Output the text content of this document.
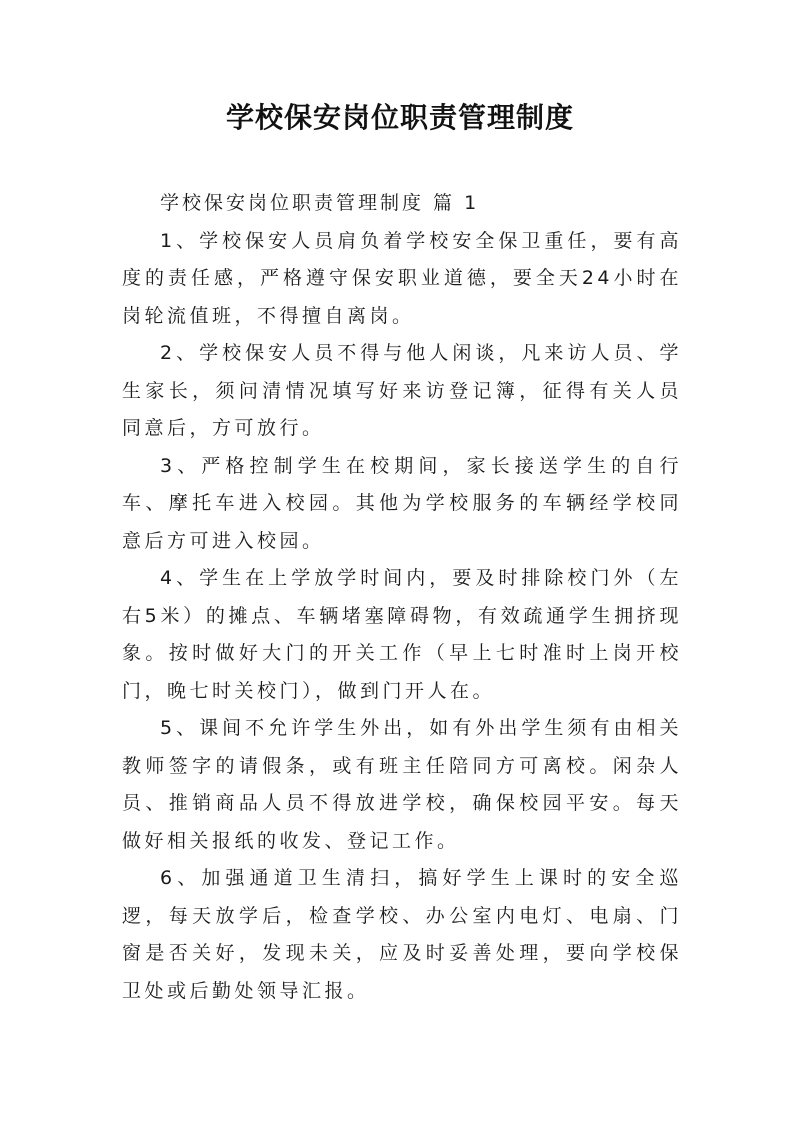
学校保安岗位职责管理制度

学校保安岗位职责管理制度 篇 1

1、学校保安人员肩负着学校安全保卫重任，要有高度的责任感，严格遵守保安职业道德，要全天24小时在岗轮流值班，不得擅自离岗。

2、学校保安人员不得与他人闲谈，凡来访人员、学生家长，须问清情况填写好来访登记簿，征得有关人员同意后，方可放行。

3、严格控制学生在校期间，家长接送学生的自行车、摩托车进入校园。其他为学校服务的车辆经学校同意后方可进入校园。

4、学生在上学放学时间内，要及时排除校门外（左右5米）的摊点、车辆堵塞障碍物，有效疏通学生拥挤现象。按时做好大门的开关工作（早上七时准时上岗开校门，晚七时关校门），做到门开人在。

5、课间不允许学生外出，如有外出学生须有由相关教师签字的请假条，或有班主任陪同方可离校。闲杂人员、推销商品人员不得放进学校，确保校园平安。每天做好相关报纸的收发、登记工作。

6、加强通道卫生清扫，搞好学生上课时的安全巡逻，每天放学后，检查学校、办公室内电灯、电扇、门窗是否关好，发现未关，应及时妥善处理，要向学校保卫处或后勤处领导汇报。
